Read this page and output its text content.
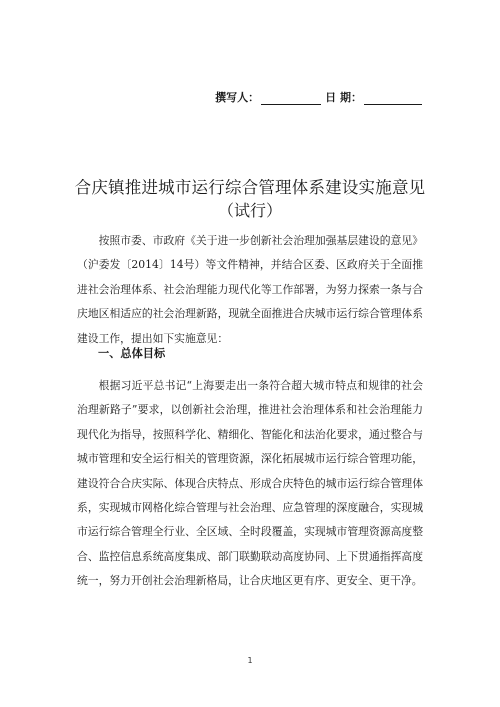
撰写人：	日 期：
合庆镇推进城市运行综合管理体系建设实施意见
（试行）

按照市委、市政府《关于进一步创新社会治理加强基层建设的意见》（沪委发〔2014〕14号）等文件精神，并结合区委、区政府关于全面推进社会治理体系、社会治理能力现代化等工作部署，为努力探索一条与合庆地区相适应的社会治理新路，现就全面推进合庆城市运行综合管理体系建设工作，提出如下实施意见：

一、总体目标

根据习近平总书记“上海要走出一条符合超大城市特点和规律的社会治理新路子”要求，以创新社会治理，推进社会治理体系和社会治理能力现代化为指导，按照科学化、精细化、智能化和法治化要求，通过整合与城市管理和安全运行相关的管理资源，深化拓展城市运行综合管理功能，建设符合合庆实际、体现合庆特点、形成合庆特色的城市运行综合管理体系，实现城市网格化综合管理与社会治理、应急管理的深度融合，实现城市运行综合管理全行业、全区域、全时段覆盖，实现城市管理资源高度整合、监控信息系统高度集成、部门联勤联动高度协同、上下贯通指挥高度统一，努力开创社会治理新格局，让合庆地区更有序、更安全、更干净。

1
